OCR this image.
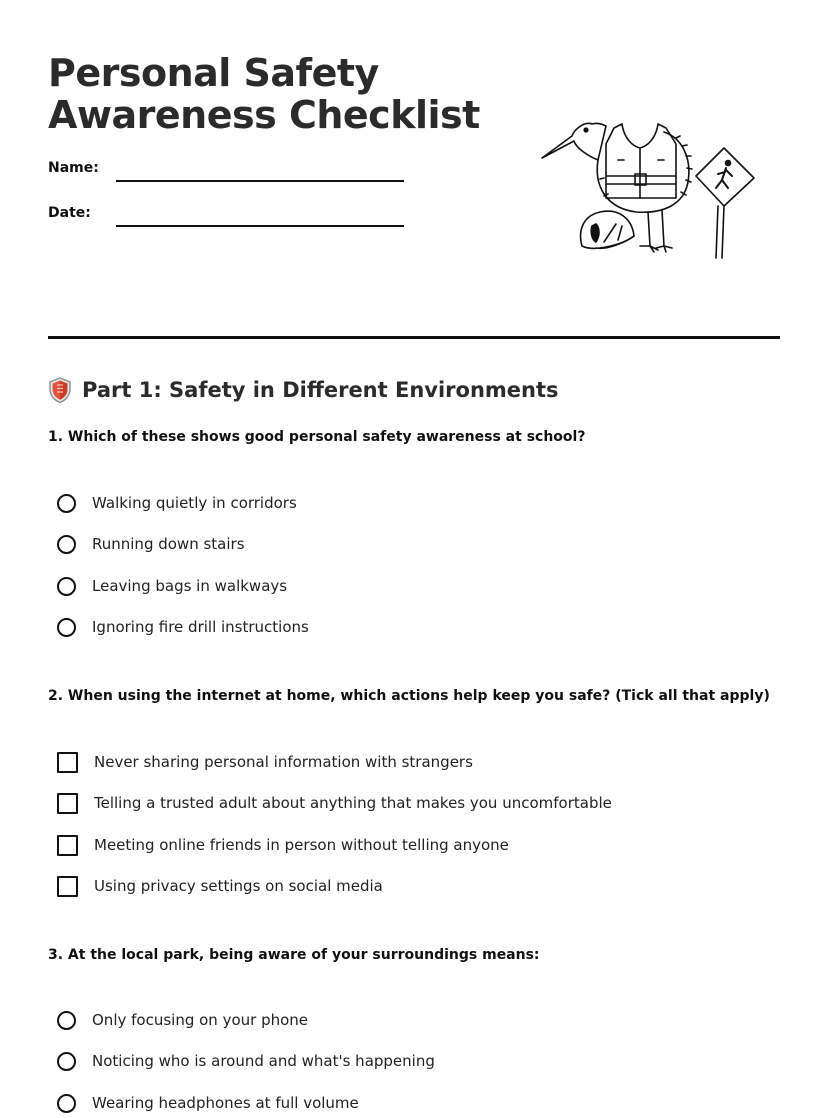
Personal Safety
Awareness Checklist
Name:
Date:
Part 1: Safety in Different Environments
1. Which of these shows good personal safety awareness at school?
Walking quietly in corridors
Running down stairs
Leaving bags in walkways
Ignoring fire drill instructions
2. When using the internet at home, which actions help keep you safe? (Tick all that apply)
Never sharing personal information with strangers
Telling a trusted adult about anything that makes you uncomfortable
Meeting online friends in person without telling anyone
Using privacy settings on social media
3. At the local park, being aware of your surroundings means:
Only focusing on your phone
Noticing who is around and what's happening
Wearing headphones at full volume
